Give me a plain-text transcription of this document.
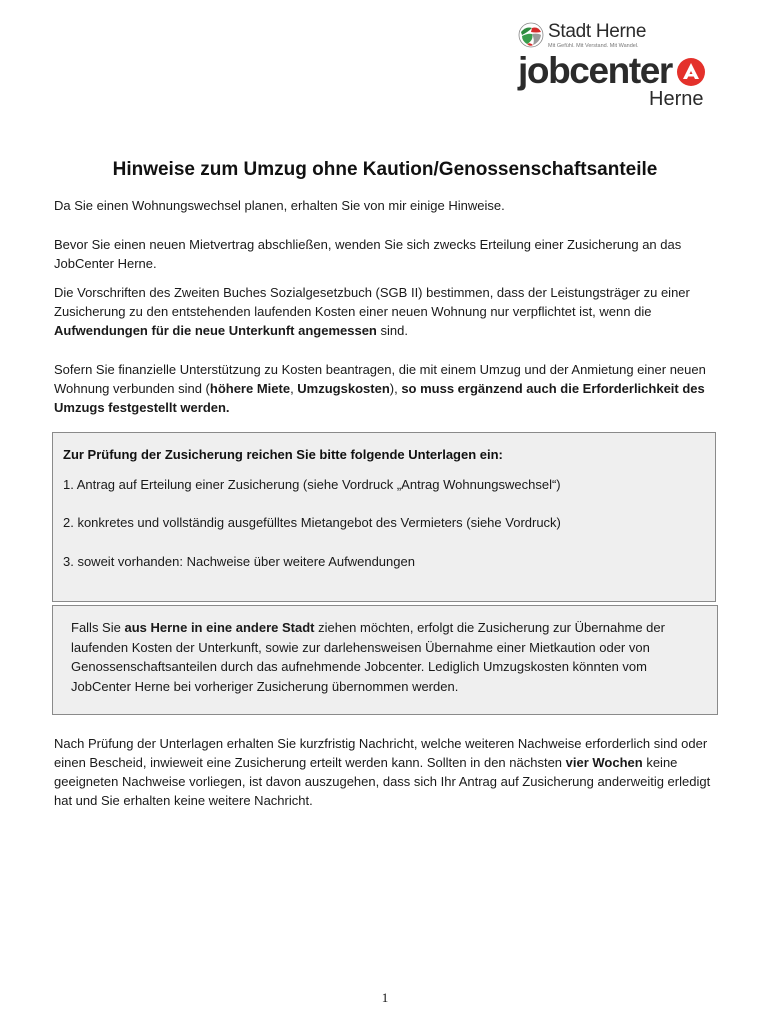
Stadt Herne
Mit Gefühl. Mit Verstand. Mit Wandel.
jobcenter
Herne
Hinweise zum Umzug ohne Kaution/Genossenschaftsanteile

Da Sie einen Wohnungswechsel planen, erhalten Sie von mir einige Hinweise.

Bevor Sie einen neuen Mietvertrag abschließen, wenden Sie sich zwecks Erteilung einer Zusicherung an das JobCenter Herne.

Die Vorschriften des Zweiten Buches Sozialgesetzbuch (SGB II) bestimmen, dass der Leistungsträger zu einer Zusicherung zu den entstehenden laufenden Kosten einer neuen Wohnung nur verpflichtet ist, wenn die Aufwendungen für die neue Unterkunft angemessen sind.

Sofern Sie finanzielle Unterstützung zu Kosten beantragen, die mit einem Umzug und der Anmietung einer neuen Wohnung verbunden sind (höhere Miete, Umzugskosten), so muss ergänzend auch die Erforderlichkeit des Umzugs festgestellt werden.

Zur Prüfung der Zusicherung reichen Sie bitte folgende Unterlagen ein:
1. Antrag auf Erteilung einer Zusicherung (siehe Vordruck „Antrag Wohnungswechsel“)
2. konkretes und vollständig ausgefülltes Mietangebot des Vermieters (siehe Vordruck)
3. soweit vorhanden: Nachweise über weitere Aufwendungen

Falls Sie aus Herne in eine andere Stadt ziehen möchten, erfolgt die Zusicherung zur Übernahme der laufenden Kosten der Unterkunft, sowie zur darlehensweisen Übernahme einer Mietkaution oder von Genossenschaftsanteilen durch das aufnehmende Jobcenter. Lediglich Umzugskosten könnten vom JobCenter Herne bei vorheriger Zusicherung übernommen werden.

Nach Prüfung der Unterlagen erhalten Sie kurzfristig Nachricht, welche weiteren Nachweise erforderlich sind oder einen Bescheid, inwieweit eine Zusicherung erteilt werden kann. Sollten in den nächsten vier Wochen keine geeigneten Nachweise vorliegen, ist davon auszugehen, dass sich Ihr Antrag auf Zusicherung anderweitig erledigt hat und Sie erhalten keine weitere Nachricht.

1
